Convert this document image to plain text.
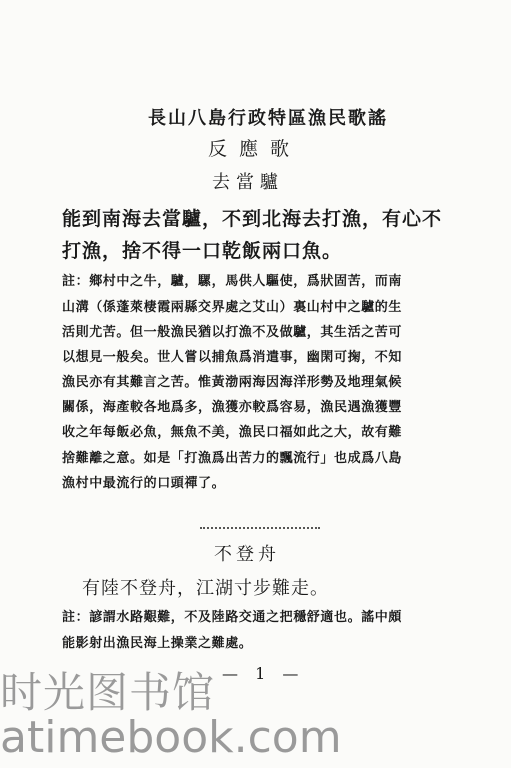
長山八島行政特區漁民歌謠
反應歌
去當驢
能到南海去當驢，不到北海去打漁，有心不
打漁，捨不得一口乾飯兩口魚。
註：鄉村中之牛，驢，騾，馬供人驅使，爲狀固苦，而南
山溝（係蓬萊棲霞兩縣交界處之艾山）裏山村中之驢的生
活則尤苦。但一般漁民猶以打漁不及做驢，其生活之苦可
以想見一般矣。世人嘗以捕魚爲消遣事，幽閑可掬，不知
漁民亦有其難言之苦。惟黃渤兩海因海洋形勢及地理氣候
關係，海產較各地爲多，漁獲亦較爲容易，漁民遇漁獲豐
收之年每飯必魚，無魚不美，漁民口福如此之大，故有難
捨難離之意。如是「打漁爲出苦力的飄流行」也成爲八島
漁村中最流行的口頭禪了。
不登舟
有陸不登舟，江湖寸步難走。
註：諺謂水路艱難，不及陸路交通之把穩舒適也。謠中頗
能影射出漁民海上操業之難處。
— 1 —
时光图书馆
atimebook.com
